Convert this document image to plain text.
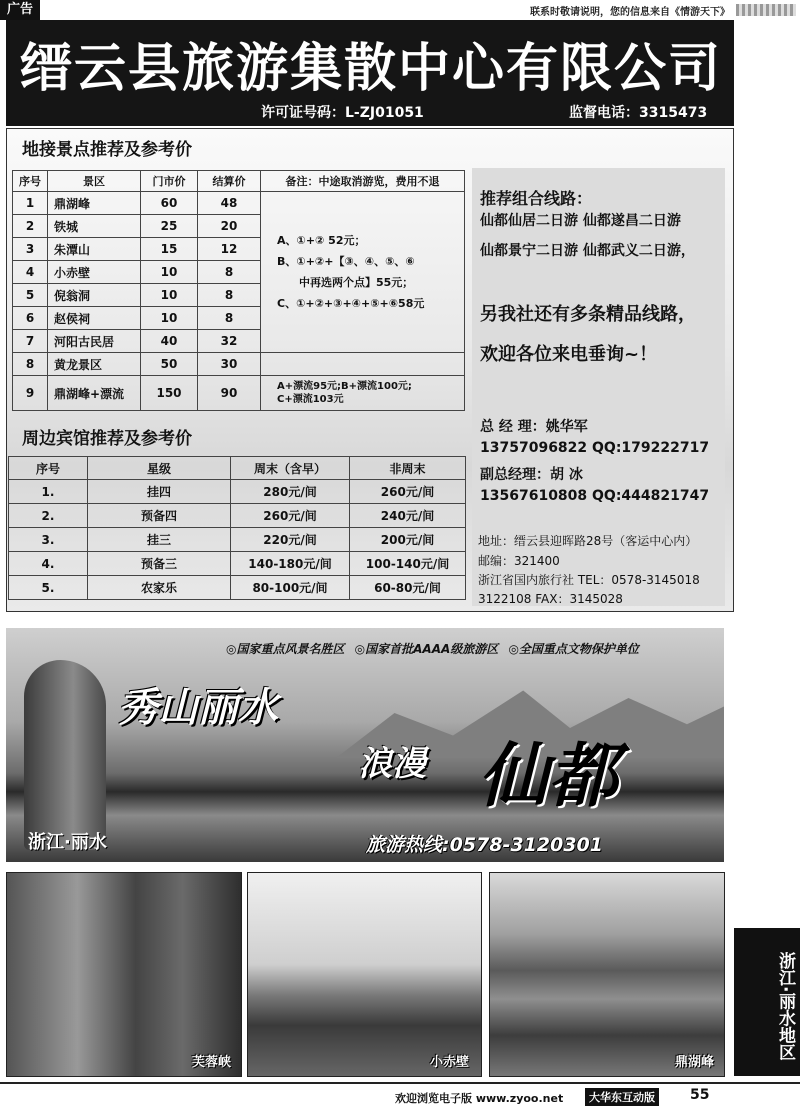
广告	联系时敬请说明，您的信息来自《情游天下》
缙云县旅游集散中心有限公司
许可证号码：L-ZJ01051	监督电话：3315473
地接景点推荐及参考价
序号	景区	门市价	结算价	备注：中途取消游览，费用不退
1	鼎湖峰	60	48	A、①+② 52元；
B、①+②+【③、④、⑤、⑥
中再选两个点】55元；
C、①+②+③+④+⑤+⑥58元

2	铁城	25	20	
3	朱潭山	15	12	
4	小赤壁	10	8	
5	倪翁洞	10	8	
6	赵侯祠	10	8	
7	河阳古民居	40	32	
8	黄龙景区	50	30	
9	鼎湖峰+漂流	150	90	A+漂流95元;B+漂流100元;
C+漂流103元
周边宾馆推荐及参考价
序号	星级	周末（含早）	非周末
1.	挂四	280元/间	260元/间
2.	预备四	260元/间	240元/间
3.	挂三	220元/间	200元/间
4.	预备三	140-180元/间	100-140元/间
5.	农家乐	80-100元/间	60-80元/间
推荐组合线路：
仙都仙居二日游 仙都遂昌二日游
仙都景宁二日游 仙都武义二日游，
另我社还有多条精品线路，
欢迎各位来电垂询~！
总 经 理：姚华军
13757096822 QQ:179222717
副总经理：胡 冰
13567610808 QQ:444821747
地址：缙云县迎晖路28号（客运中心内）
邮编：321400
浙江省国内旅行社 TEL：0578-3145018
3122108 FAX：3145028
◎国家重点风景名胜区 ◎国家首批AAAA级旅游区 ◎全国重点文物保护单位
秀山丽水
浪漫 仙都
浙江·丽水	旅游热线:0578-3120301
芙蓉峡	小赤壁	鼎湖峰
浙江·丽水地区
欢迎浏览电子版 www.zyoo.net	大华东互动版	55
